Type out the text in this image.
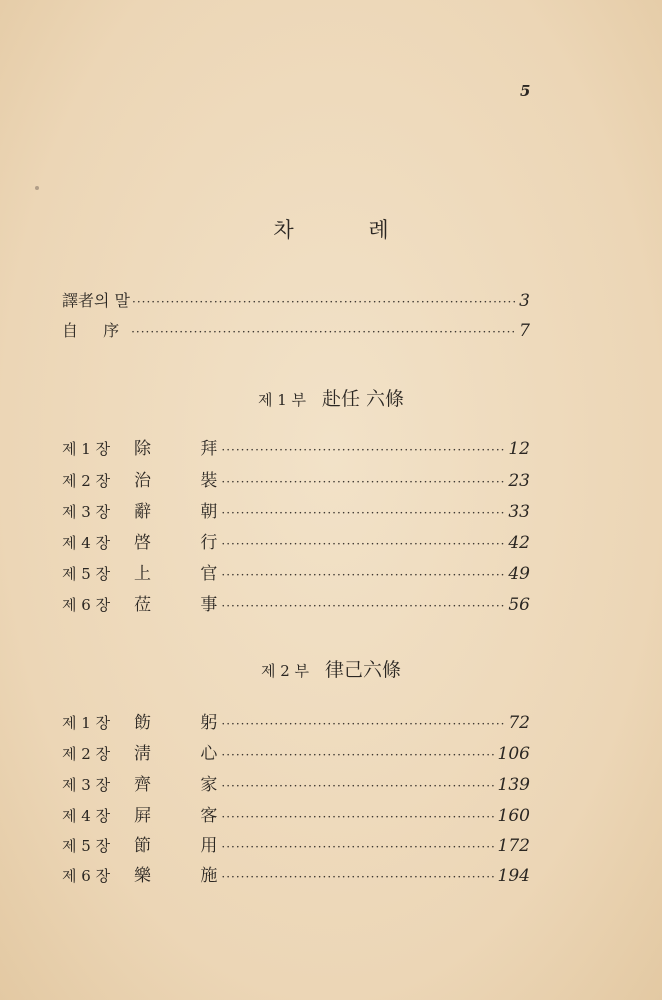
5
차 례
譯者의 말 ·····	3
自 序 ·····	7
제 1 부 赴任 六條
제 1 장	除 拜 ·····	12
제 2 장	治 裝 ·····	23
제 3 장	辭 朝 ·····	33
제 4 장	啓 行 ·····	42
제 5 장	上 官 ·····	49
제 6 장	莅 事 ·····	56
제 2 부 律己六條
제 1 장	飭 躬 ·····	72
제 2 장	淸 心 ·····	106
제 3 장	齊 家 ·····	139
제 4 장	屛 客 ·····	160
제 5 장	節 用 ·····	172
제 6 장	樂 施 ·····	194
